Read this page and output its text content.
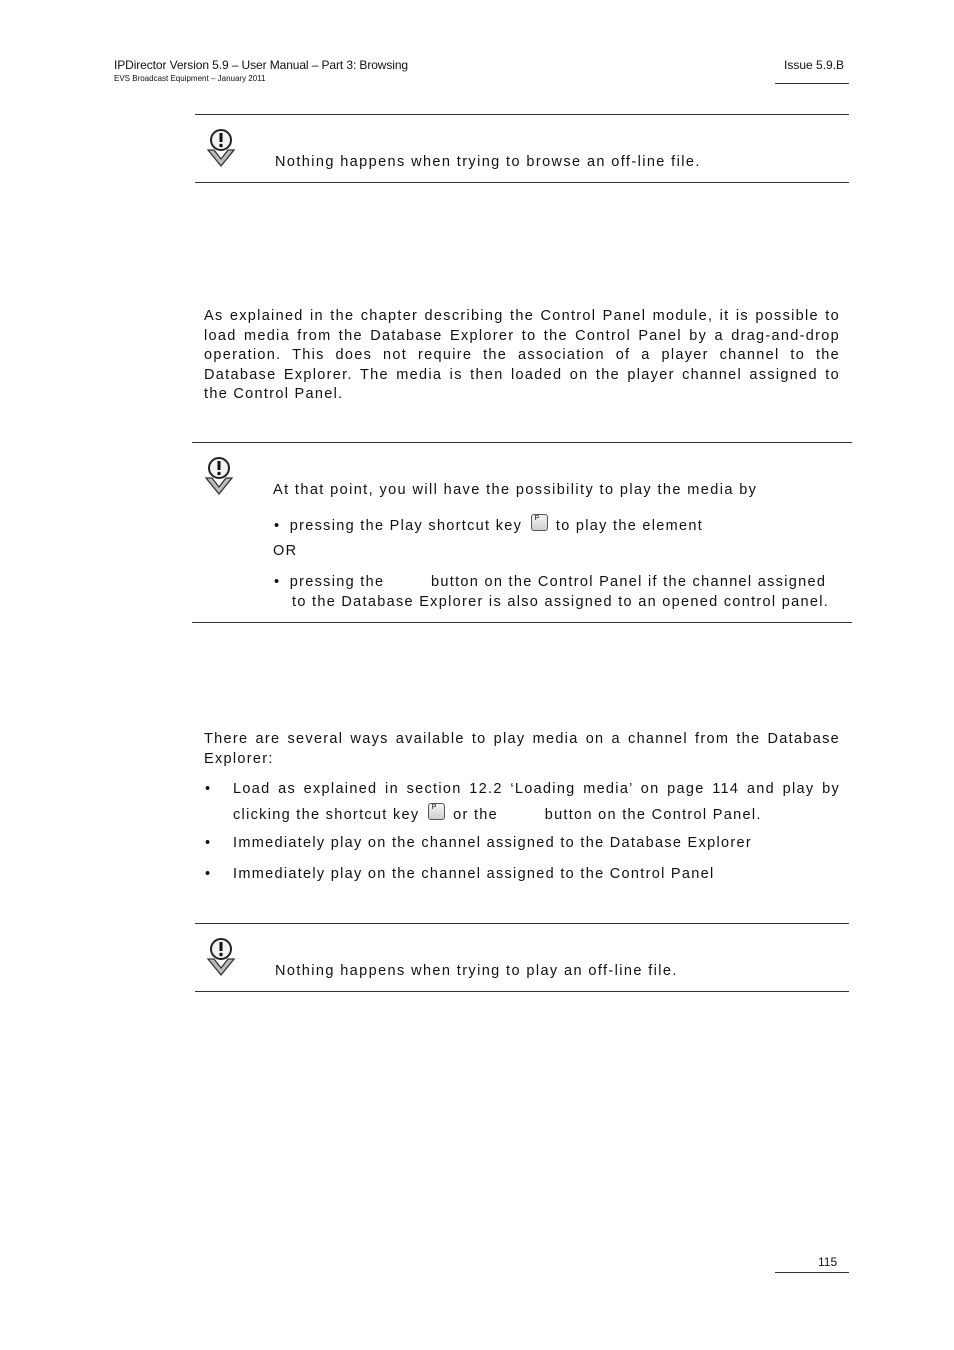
IPDirector Version 5.9 – User Manual – Part 3: Browsing
EVS Broadcast Equipment – January 2011
Issue 5.9.B
Nothing happens when trying to browse an off-line file.
As explained in the chapter describing the Control Panel module, it is possible to load media from the Database Explorer to the Control Panel by a drag-and-drop operation. This does not require the association of a player channel to the Database Explorer. The media is then loaded on the player channel assigned to the Control Panel.
At that point, you will have the possibility to play the media by
• pressing the Play shortcut key P to play the element
OR
• pressing the	button on the Control Panel if the channel assigned
to the Database Explorer is also assigned to an opened control panel.
There are several ways available to play media on a channel from the Database Explorer:
• Load as explained in section 12.2 ‘Loading media’ on page 114 and play by
clicking the shortcut key P or the	button on the Control Panel.
• Immediately play on the channel assigned to the Database Explorer
• Immediately play on the channel assigned to the Control Panel
Nothing happens when trying to play an off-line file.
115
